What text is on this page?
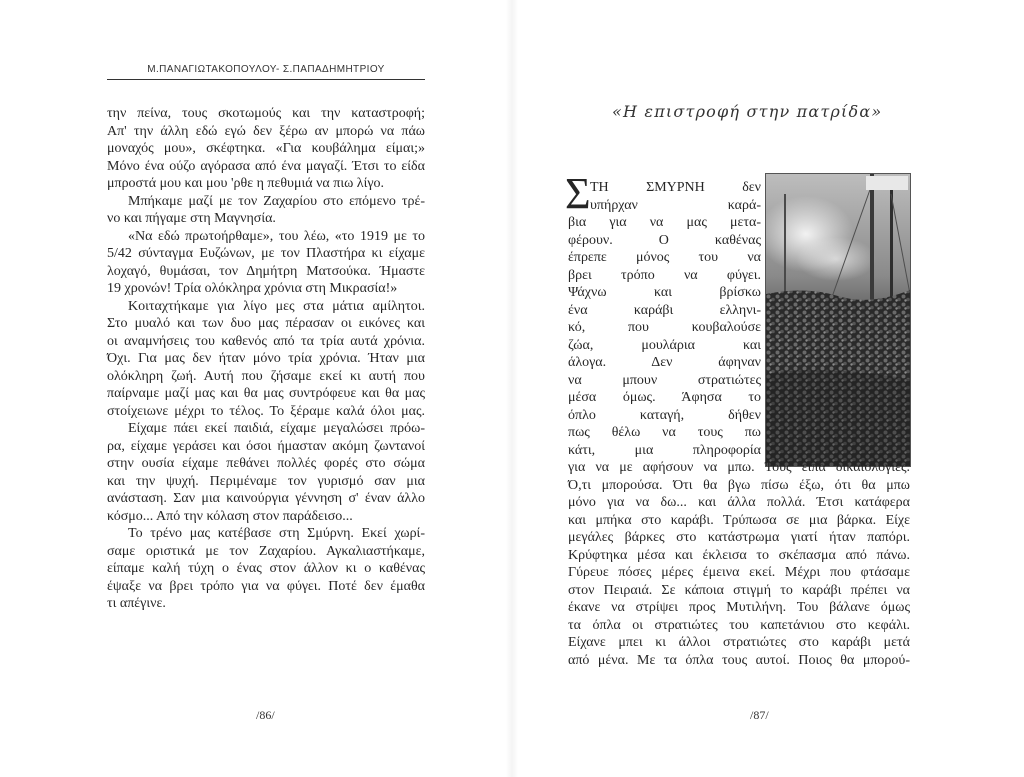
Μ.ΠΑΝΑΓΙΩΤΑΚΟΠΟΥΛΟΥ- Σ.ΠΑΠΑΔΗΜΗΤΡΙΟΥ
την πείνα, τους σκοτωμούς και την καταστροφή;
Απ' την άλλη εδώ εγώ δεν ξέρω αν μπορώ να πάω
μοναχός μου», σκέφτηκα. «Για κουβάλημα είμαι;»
Μόνο ένα ούζο αγόρασα από ένα μαγαζί. Έτσι το είδα
μπροστά μου και μου 'ρθε η πεθυμιά να πιω λίγο.
Μπήκαμε μαζί με τον Ζαχαρίου στο επόμενο τρέ-
νο και πήγαμε στη Μαγνησία.
«Να εδώ πρωτοήρθαμε», του λέω, «το 1919 με το
5/42 σύνταγμα Ευζώνων, με τον Πλαστήρα κι είχαμε
λοχαγό, θυμάσαι, τον Δημήτρη Ματσούκα. Ήμαστε
19 χρονών! Τρία ολόκληρα χρόνια στη Μικρασία!»
Κοιταχτήκαμε για λίγο μες στα μάτια αμίλητοι.
Στο μυαλό και των δυο μας πέρασαν οι εικόνες και
οι αναμνήσεις του καθενός από τα τρία αυτά χρόνια.
Όχι. Για μας δεν ήταν μόνο τρία χρόνια. Ήταν μια
ολόκληρη ζωή. Αυτή που ζήσαμε εκεί κι αυτή που
παίρναμε μαζί μας και θα μας συντρόφευε και θα μας
στοίχειωνε μέχρι το τέλος. Το ξέραμε καλά όλοι μας.
Είχαμε πάει εκεί παιδιά, είχαμε μεγαλώσει πρόω-
ρα, είχαμε γεράσει και όσοι ήμασταν ακόμη ζωντανοί
στην ουσία είχαμε πεθάνει πολλές φορές στο σώμα
και την ψυχή. Περιμέναμε τον γυρισμό σαν μια
ανάσταση. Σαν μια καινούργια γέννηση σ' έναν άλλο
κόσμο... Από την κόλαση στον παράδεισο...
Το τρένο μας κατέβασε στη Σμύρνη. Εκεί χωρί-
σαμε οριστικά με τον Ζαχαρίου. Αγκαλιαστήκαμε,
είπαμε καλή τύχη ο ένας στον άλλον κι ο καθένας
έψαξε να βρει τρόπο για να φύγει. Ποτέ δεν έμαθα
τι απέγινε.
/86/
«Η επιστροφή στην πατρίδα»
Σ ΤΗ ΣΜΥΡΝΗ δεν
υπήρχαν καρά-
βια για να μας μετα-
φέρουν. Ο καθένας
έπρεπε μόνος του να
βρει τρόπο να φύγει.
Ψάχνω και βρίσκω
ένα καράβι ελληνι-
κό, που κουβαλούσε
ζώα, μουλάρια και
άλογα. Δεν άφηναν
να μπουν στρατιώτες
μέσα όμως. Άφησα το
όπλο καταγή, δήθεν
πως θέλω να τους πω
κάτι, μια πληροφορία
για να με αφήσουν να μπω. Τους είπα δικαιολογίες.
Ό,τι μπορούσα. Ότι θα βγω πίσω έξω, ότι θα μπω
μόνο για να δω... και άλλα πολλά. Έτσι κατάφερα
και μπήκα στο καράβι. Τρύπωσα σε μια βάρκα. Είχε
μεγάλες βάρκες στο κατάστρωμα γιατί ήταν παπόρι.
Κρύφτηκα μέσα και έκλεισα το σκέπασμα από πάνω.
Γύρευε πόσες μέρες έμεινα εκεί. Μέχρι που φτάσαμε
στον Πειραιά. Σε κάποια στιγμή το καράβι πρέπει να
έκανε να στρίψει προς Μυτιλήνη. Του βάλανε όμως
τα όπλα οι στρατιώτες του καπετάνιου στο κεφάλι.
Είχανε μπει κι άλλοι στρατιώτες στο καράβι μετά
από μένα. Με τα όπλα τους αυτοί. Ποιος θα μπορού-
/87/
